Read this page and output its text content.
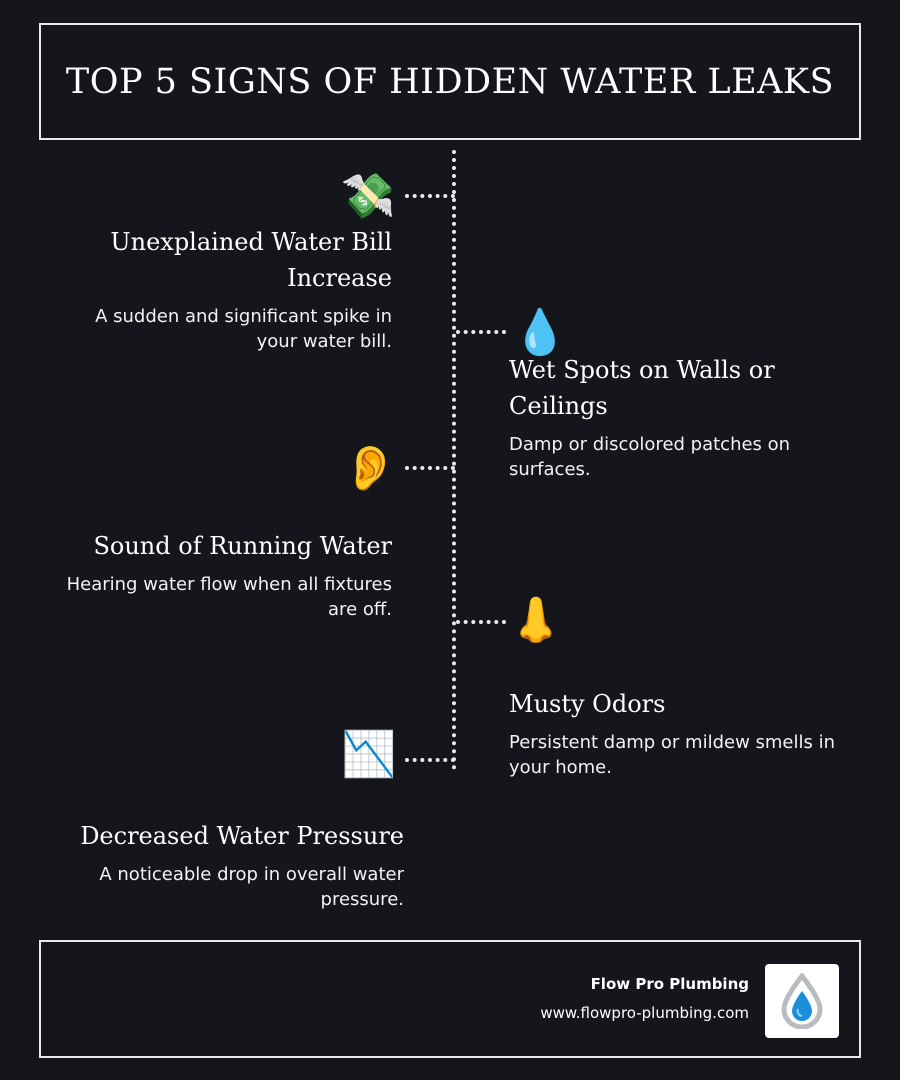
TOP 5 SIGNS OF HIDDEN WATER LEAKS
💸
Unexplained Water Bill Increase

A sudden and significant spike in your water bill.	💧
Wet Spots on Walls or Ceilings

Damp or discolored patches on surfaces.

👂
Sound of Running Water

Hearing water flow when all fixtures are off.	👃
Musty Odors

Persistent damp or mildew smells in your home.

📉
Decreased Water Pressure

A noticeable drop in overall water pressure.

Flow Pro Plumbing
www.flowpro-plumbing.com
